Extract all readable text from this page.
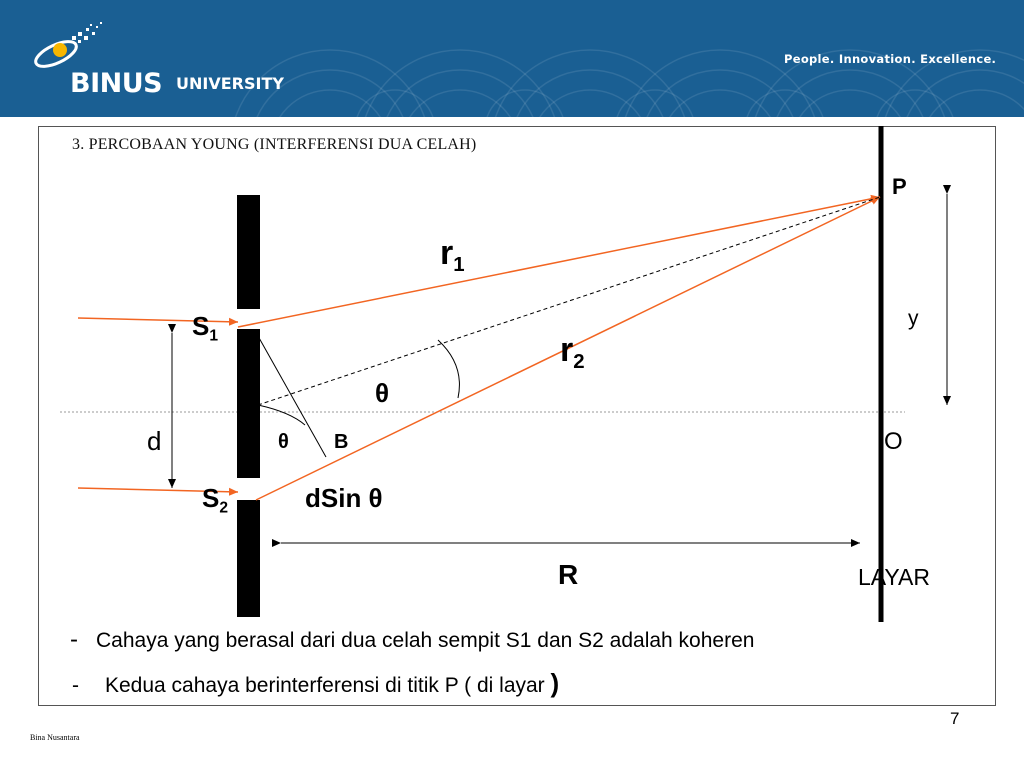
BINUS UNIVERSITY
People. Innovation. Excellence.
3. PERCOBAAN YOUNG (INTERFERENSI DUA CELAH)
P
$r_1$
$r_2$
$S_1$
$S_2$
y
θ
θ B
d	O
dSin θ
R	LAYAR
- Cahaya yang berasal dari dua celah sempit S1 dan S2 adalah koheren
- Kedua cahaya berinterferensi di titik P ( di layar )
7
Bina Nusantara
